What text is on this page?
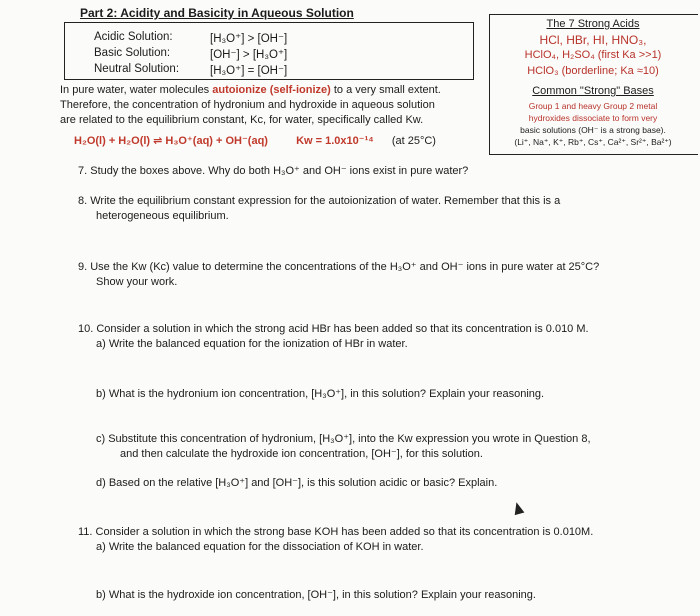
Part 2: Acidity and Basicity in Aqueous Solution
Acidic Solution:	[H₃O⁺] > [OH⁻]
Basic Solution:	[OH⁻] > [H₃O⁺]
Neutral Solution:	[H₃O⁺] = [OH⁻]
In pure water, water molecules autoionize (self-ionize) to a very small extent.
Therefore, the concentration of hydronium and hydroxide in aqueous solution
are related to the equilibrium constant, Kc, for water, specifically called Kw.
H₂O(l) + H₂O(l) ⇌ H₃O⁺(aq) + OH⁻(aq)	Kw = 1.0x10⁻¹⁴ (at 25°C)
The 7 Strong Acids
HCl, HBr, HI, HNO₃,
HClO₄, H₂SO₄ (first Ka >>1)
HClO₃ (borderline; Ka ≈10)
Common "Strong" Bases
Group 1 and heavy Group 2 metal
hydroxides dissociate to form very
basic solutions (OH⁻ is a strong base).
(Li⁺, Na⁺, K⁺, Rb⁺, Cs⁺, Ca²⁺, Sr²⁺, Ba²⁺)
7. Study the boxes above. Why do both H₃O⁺ and OH⁻ ions exist in pure water?
8. Write the equilibrium constant expression for the autoionization of water. Remember that this is a
heterogeneous equilibrium.
9. Use the Kw (Kc) value to determine the concentrations of the H₃O⁺ and OH⁻ ions in pure water at 25°C?
Show your work.
10. Consider a solution in which the strong acid HBr has been added so that its concentration is 0.010 M.
a) Write the balanced equation for the ionization of HBr in water.
b) What is the hydronium ion concentration, [H₃O⁺], in this solution? Explain your reasoning.
c) Substitute this concentration of hydronium, [H₃O⁺], into the Kw expression you wrote in Question 8,
and then calculate the hydroxide ion concentration, [OH⁻], for this solution.
d) Based on the relative [H₃O⁺] and [OH⁻], is this solution acidic or basic? Explain.
11. Consider a solution in which the strong base KOH has been added so that its concentration is 0.010M.
a) Write the balanced equation for the dissociation of KOH in water.
b) What is the hydroxide ion concentration, [OH⁻], in this solution? Explain your reasoning.
